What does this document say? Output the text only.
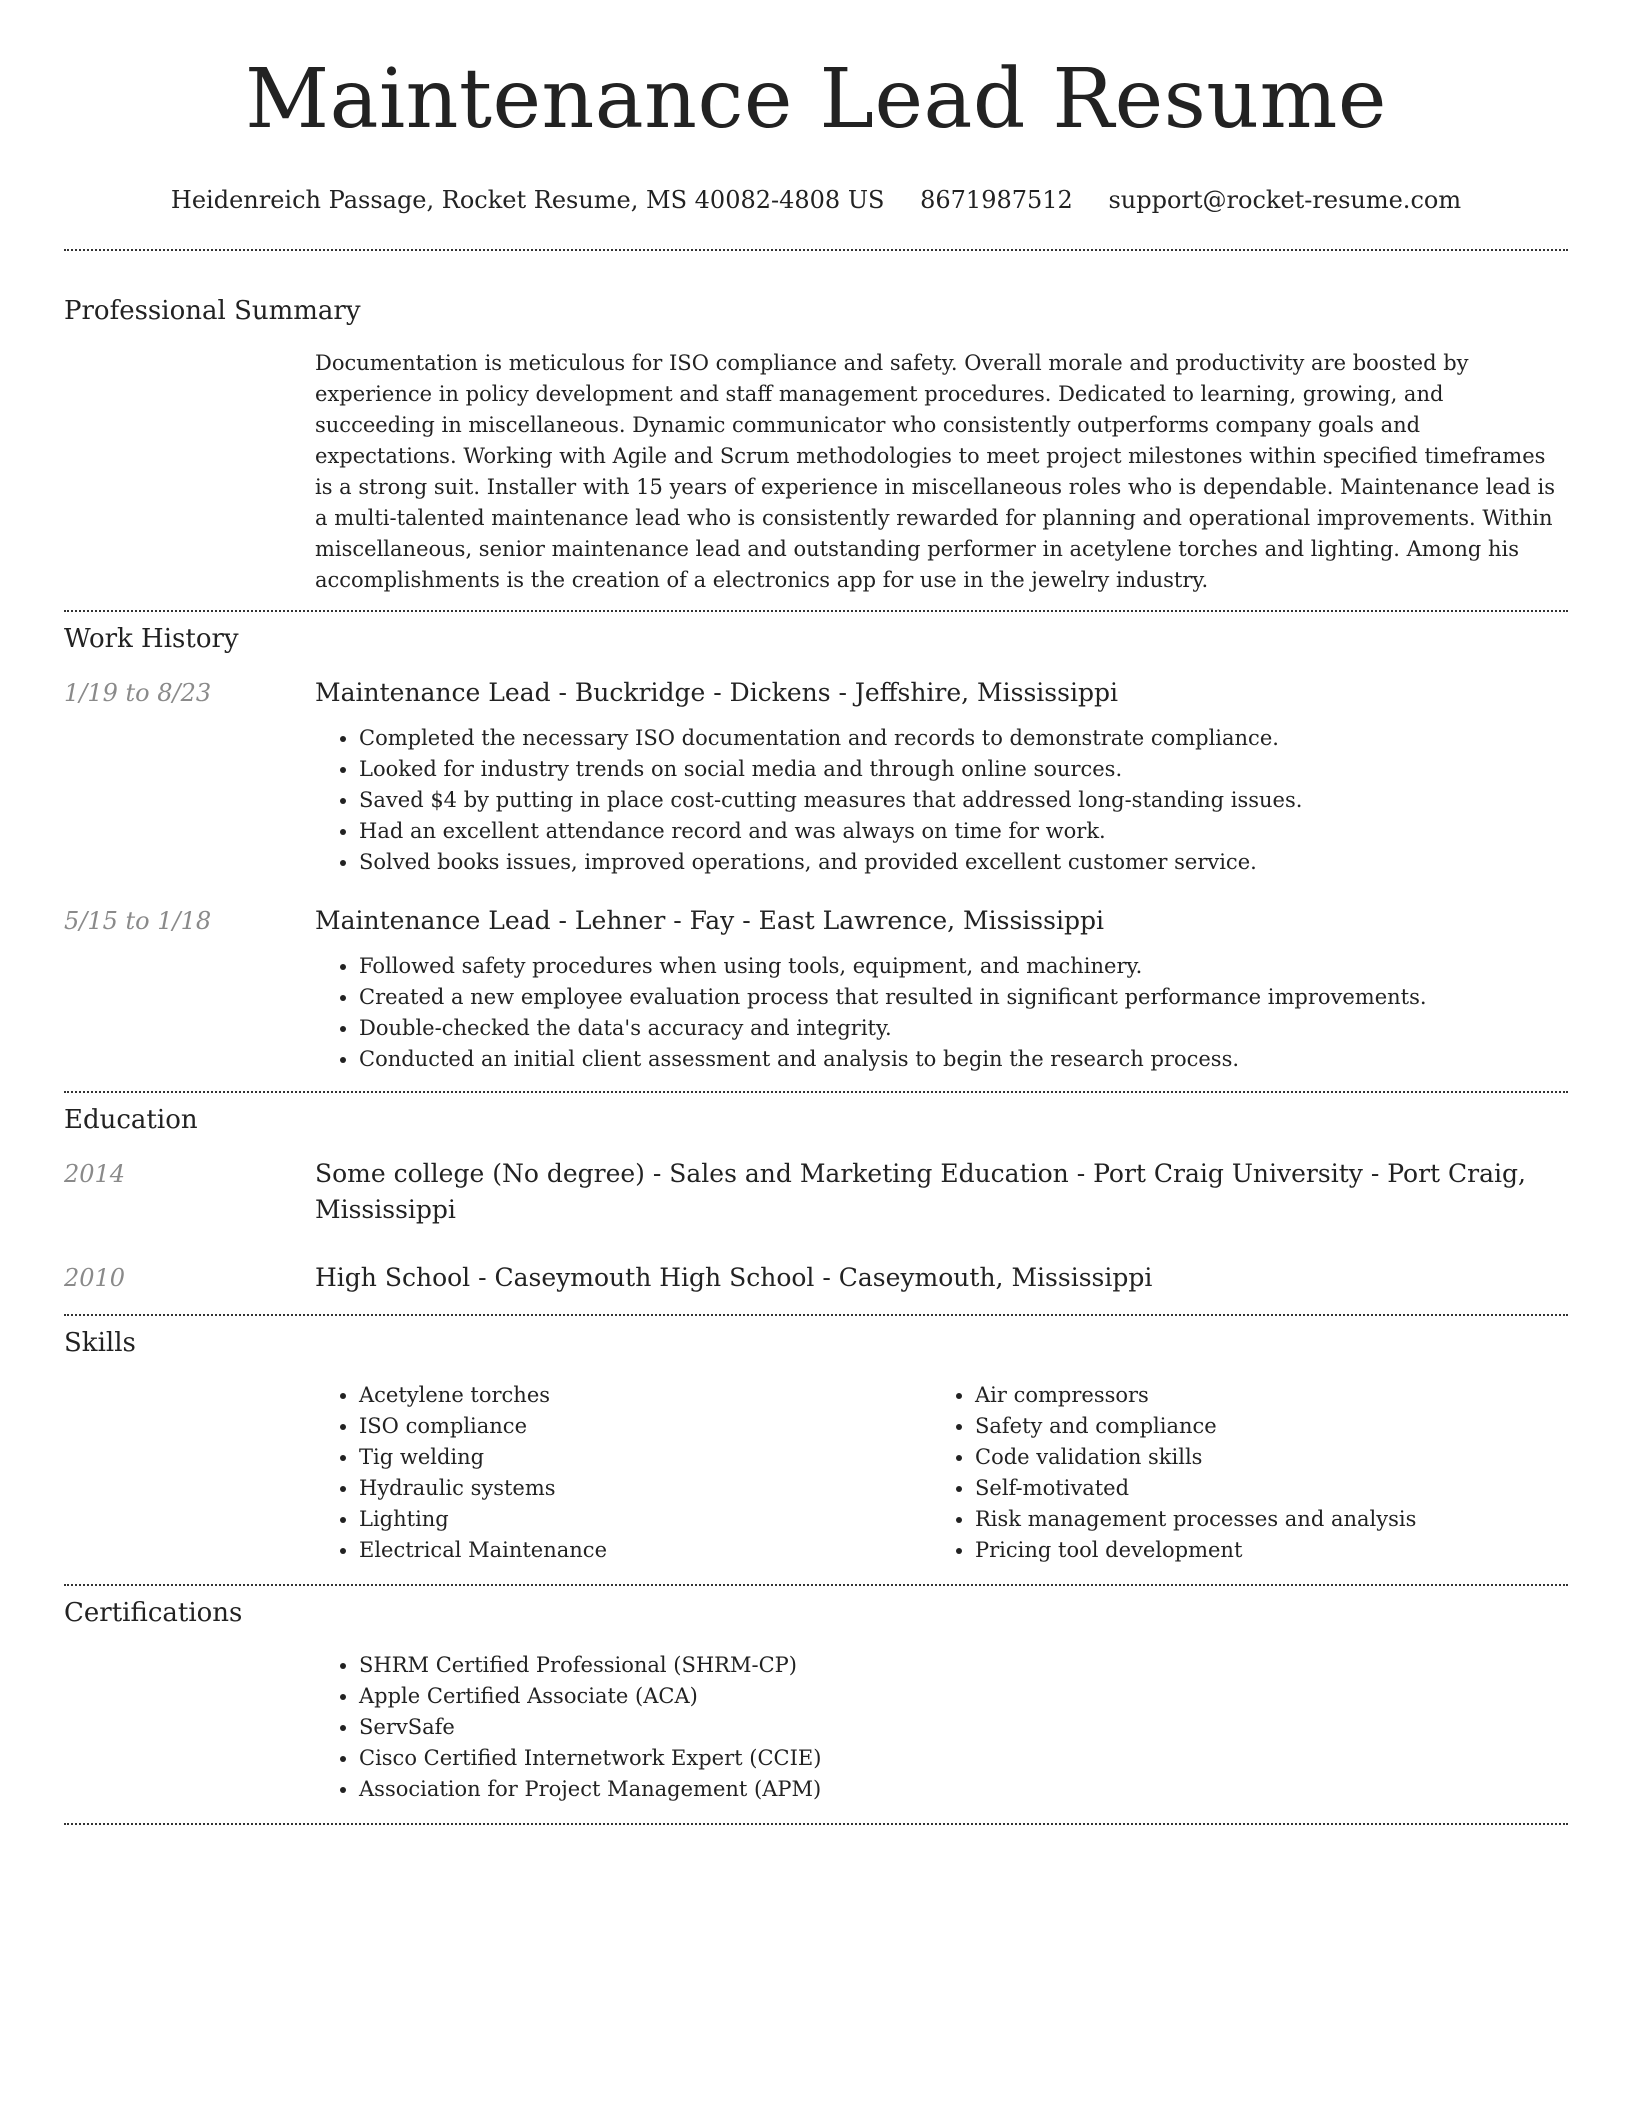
Maintenance Lead Resume
Heidenreich Passage, Rocket Resume, MS 40082-4808 US 8671987512 support@rocket-resume.com
Professional Summary

Documentation is meticulous for ISO compliance and safety. Overall morale and productivity are boosted by experience in policy development and staff management procedures. Dedicated to learning, growing, and succeeding in miscellaneous. Dynamic communicator who consistently outperforms company goals and expectations. Working with Agile and Scrum methodologies to meet project milestones within specified timeframes is a strong suit. Installer with 15 years of experience in miscellaneous roles who is dependable. Maintenance lead is a multi-talented maintenance lead who is consistently rewarded for planning and operational improvements. Within miscellaneous, senior maintenance lead and outstanding performer in acetylene torches and lighting. Among his accomplishments is the creation of a electronics app for use in the jewelry industry.

Work History
1/19 to 8/23	Maintenance Lead - Buckridge - Dickens - Jeffshire, Mississippi
• Completed the necessary ISO documentation and records to demonstrate compliance.
• Looked for industry trends on social media and through online sources.
• Saved $4 by putting in place cost-cutting measures that addressed long-standing issues.
• Had an excellent attendance record and was always on time for work.
• Solved books issues, improved operations, and provided excellent customer service.
5/15 to 1/18	Maintenance Lead - Lehner - Fay - East Lawrence, Mississippi
• Followed safety procedures when using tools, equipment, and machinery.
• Created a new employee evaluation process that resulted in significant performance improvements.
• Double-checked the data's accuracy and integrity.
• Conducted an initial client assessment and analysis to begin the research process.
Education
2014	Some college (No degree) - Sales and Marketing Education - Port Craig University - Port Craig, Mississippi
2010	High School - Caseymouth High School - Caseymouth, Mississippi
Skills
• Acetylene torches
• ISO compliance
• Tig welding
• Hydraulic systems
• Lighting
• Electrical Maintenance
• Air compressors
• Safety and compliance
• Code validation skills
• Self-motivated
• Risk management processes and analysis
• Pricing tool development
Certifications
• SHRM Certified Professional (SHRM-CP)
• Apple Certified Associate (ACA)
• ServSafe
• Cisco Certified Internetwork Expert (CCIE)
• Association for Project Management (APM)
